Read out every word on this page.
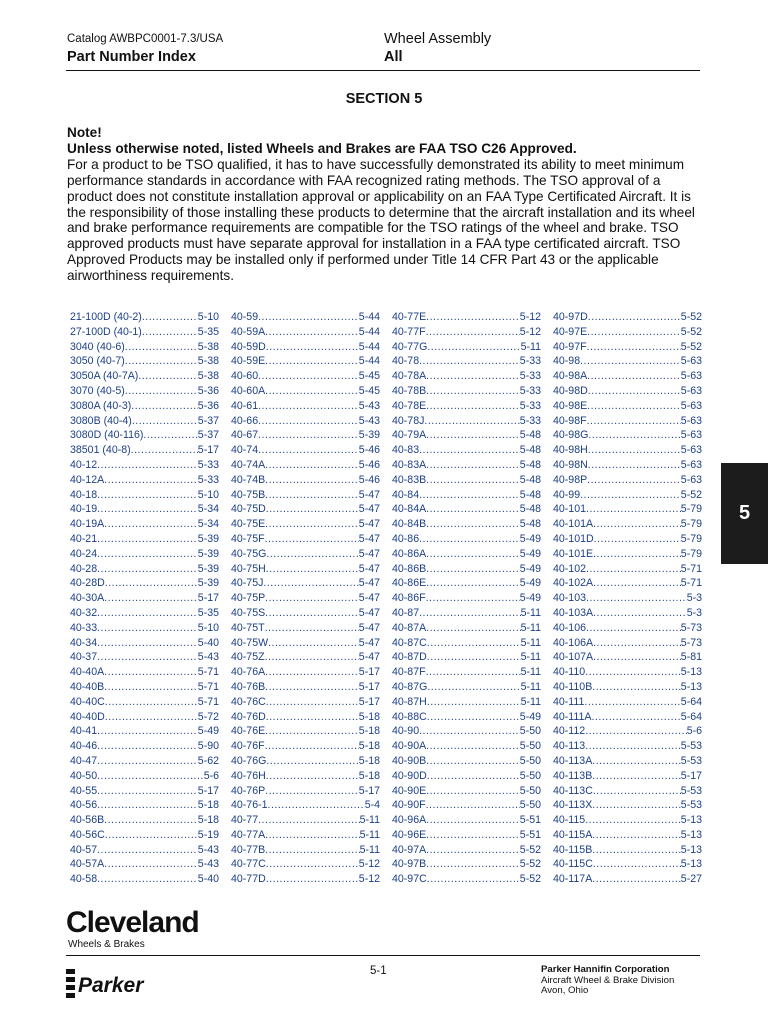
Catalog AWBPC0001-7.3/USA
Part Number Index
Wheel Assembly
All
SECTION 5

Note!

Unless otherwise noted, listed Wheels and Brakes are FAA TSO C26 Approved.

For a product to be TSO qualified, it has to have successfully demonstrated its ability to meet minimum performance standards in accordance with FAA recognized rating methods. The TSO approval of a product does not constitute installation approval or applicability on an FAA Type Certificated Aircraft. It is the responsibility of those installing these products to determine that the aircraft installation and its wheel and brake performance requirements are compatible for the TSO ratings of the wheel and brake. TSO approved products must have separate approval for installation in a FAA type certificated aircraft. TSO Approved Products may be installed only if performed under Title 14 CFR Part 43 or the applicable airworthiness requirements.

21-100D (40-2) .....	5-10
27-100D (40-1) .....	5-35
3040 (40-6) .....	5-38
3050 (40-7) .....	5-38
3050A (40-7A) .....	5-38
3070 (40-5) .....	5-36
3080A (40-3) .....	5-36
3080B (40-4) .....	5-37
3080D (40-116) .....	5-37
38501 (40-8) .....	5-17
40-12 .....	5-33
40-12A .....	5-33
40-18 .....	5-10
40-19 .....	5-34
40-19A .....	5-34
40-21 .....	5-39
40-24 .....	5-39
40-28 .....	5-39
40-28D .....	5-39
40-30A .....	5-17
40-32 .....	5-35
40-33 .....	5-10
40-34 .....	5-40
40-37 .....	5-43
40-40A .....	5-71
40-40B .....	5-71
40-40C .....	5-71
40-40D .....	5-72
40-41 .....	5-49
40-46 .....	5-90
40-47 .....	5-62
40-50 .....	5-6
40-55 .....	5-17
40-56 .....	5-18
40-56B .....	5-18
40-56C .....	5-19
40-57 .....	5-43
40-57A .....	5-43
40-58 .....	5-40
40-59 .....	5-44
40-59A .....	5-44
40-59D .....	5-44
40-59E .....	5-44
40-60 .....	5-45
40-60A .....	5-45
40-61 .....	5-43
40-66 .....	5-43
40-67 .....	5-39
40-74 .....	5-46
40-74A .....	5-46
40-74B .....	5-46
40-75B .....	5-47
40-75D .....	5-47
40-75E .....	5-47
40-75F .....	5-47
40-75G .....	5-47
40-75H .....	5-47
40-75J .....	5-47
40-75P .....	5-47
40-75S .....	5-47
40-75T .....	5-47
40-75W .....	5-47
40-75Z .....	5-47
40-76A .....	5-17
40-76B .....	5-17
40-76C .....	5-17
40-76D .....	5-18
40-76E .....	5-18
40-76F .....	5-18
40-76G .....	5-18
40-76H .....	5-18
40-76P .....	5-17
40-76-1 .....	5-4
40-77 .....	5-11
40-77A .....	5-11
40-77B .....	5-11
40-77C .....	5-12
40-77D .....	5-12
40-77E .....	5-12
40-77F .....	5-12
40-77G .....	5-11
40-78 .....	5-33
40-78A .....	5-33
40-78B .....	5-33
40-78E .....	5-33
40-78J .....	5-33
40-79A .....	5-48
40-83 .....	5-48
40-83A .....	5-48
40-83B .....	5-48
40-84 .....	5-48
40-84A .....	5-48
40-84B .....	5-48
40-86 .....	5-49
40-86A .....	5-49
40-86B .....	5-49
40-86E .....	5-49
40-86F .....	5-49
40-87 .....	5-11
40-87A .....	5-11
40-87C .....	5-11
40-87D .....	5-11
40-87F .....	5-11
40-87G .....	5-11
40-87H .....	5-11
40-88C .....	5-49
40-90 .....	5-50
40-90A .....	5-50
40-90B .....	5-50
40-90D .....	5-50
40-90E .....	5-50
40-90F .....	5-50
40-96A .....	5-51
40-96E .....	5-51
40-97A .....	5-52
40-97B .....	5-52
40-97C .....	5-52
40-97D .....	5-52
40-97E .....	5-52
40-97F .....	5-52
40-98 .....	5-63
40-98A .....	5-63
40-98D .....	5-63
40-98E .....	5-63
40-98F .....	5-63
40-98G .....	5-63
40-98H .....	5-63
40-98N .....	5-63
40-98P .....	5-63
40-99 .....	5-52
40-101 .....	5-79
40-101A .....	5-79
40-101D .....	5-79
40-101E .....	5-79
40-102 .....	5-71
40-102A .....	5-71
40-103 .....	5-3
40-103A .....	5-3
40-106 .....	5-73
40-106A .....	5-73
40-107A .....	5-81
40-110 .....	5-13
40-110B .....	5-13
40-111 .....	5-64
40-111A .....	5-64
40-112 .....	5-6
40-113 .....	5-53
40-113A .....	5-53
40-113B .....	5-17
40-113C .....	5-53
40-113X .....	5-53
40-115 .....	5-13
40-115A .....	5-13
40-115B .....	5-13
40-115C .....	5-13
40-117A .....	5-27
5
Cleveland
Wheels & Brakes
Parker
5-1	Parker Hannifin Corporation
Aircraft Wheel & Brake Division
Avon, Ohio
